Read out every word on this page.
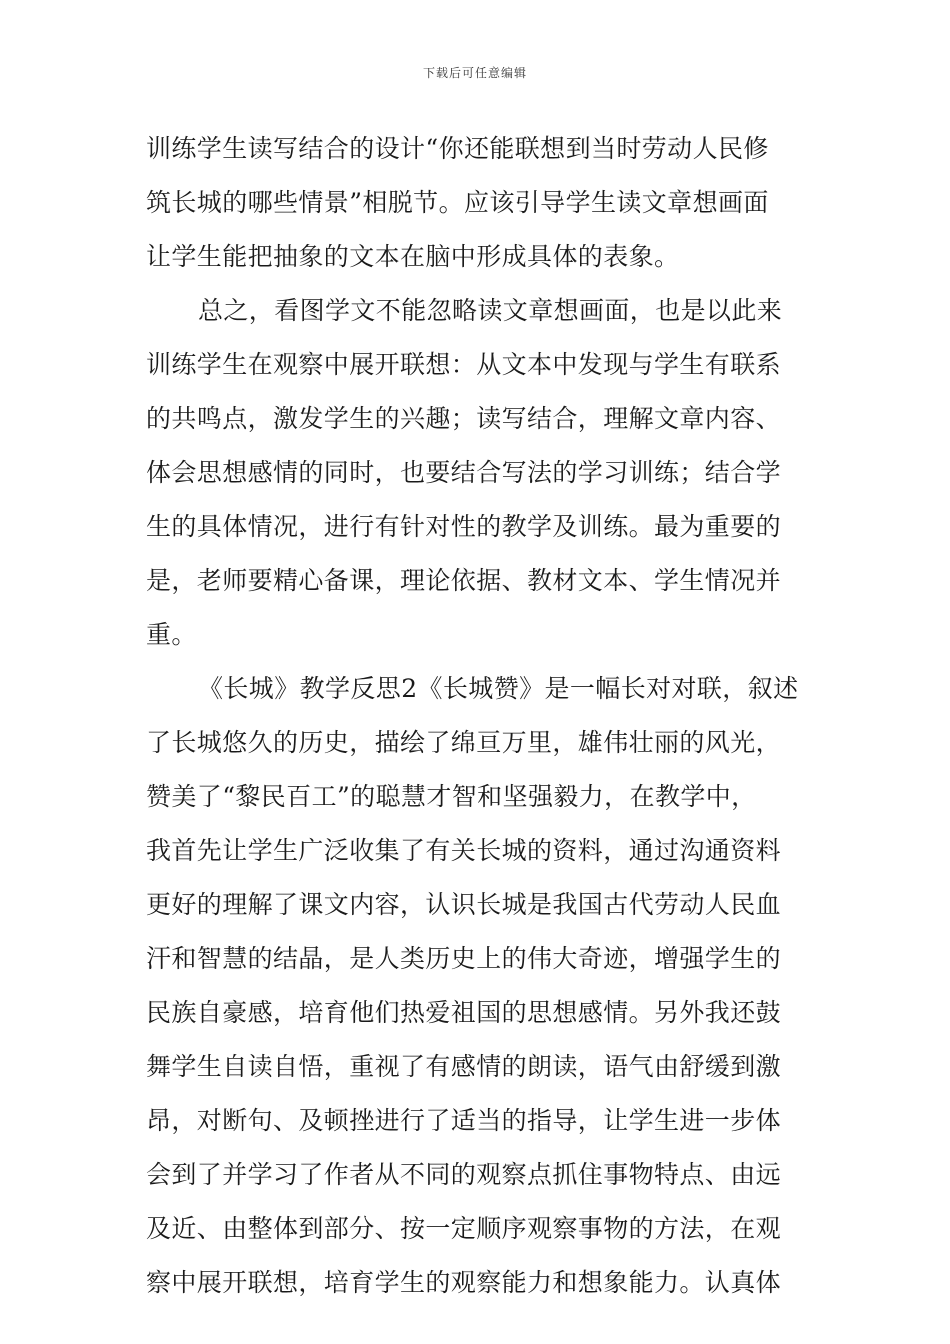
下载后可任意编辑
训练学生读写结合的设计“你还能联想到当时劳动人民修
筑长城的哪些情景”相脱节。应该引导学生读文章想画面
让学生能把抽象的文本在脑中形成具体的表象。
总之，看图学文不能忽略读文章想画面，也是以此来
训练学生在观察中展开联想：从文本中发现与学生有联系
的共鸣点，激发学生的兴趣；读写结合，理解文章内容、
体会思想感情的同时，也要结合写法的学习训练；结合学
生的具体情况，进行有针对性的教学及训练。最为重要的
是，老师要精心备课，理论依据、教材文本、学生情况并
重。
《长城》教学反思2《长城赞》是一幅长对对联，叙述
了长城悠久的历史，描绘了绵亘万里，雄伟壮丽的风光，
赞美了“黎民百工”的聪慧才智和坚强毅力，在教学中，
我首先让学生广泛收集了有关长城的资料，通过沟通资料
更好的理解了课文内容，认识长城是我国古代劳动人民血
汗和智慧的结晶，是人类历史上的伟大奇迹，增强学生的
民族自豪感，培育他们热爱祖国的思想感情。另外我还鼓
舞学生自读自悟，重视了有感情的朗读，语气由舒缓到激
昂，对断句、及顿挫进行了适当的指导，让学生进一步体
会到了并学习了作者从不同的观察点抓住事物特点、由远
及近、由整体到部分、按一定顺序观察事物的方法，在观
察中展开联想，培育学生的观察能力和想象能力。认真体
